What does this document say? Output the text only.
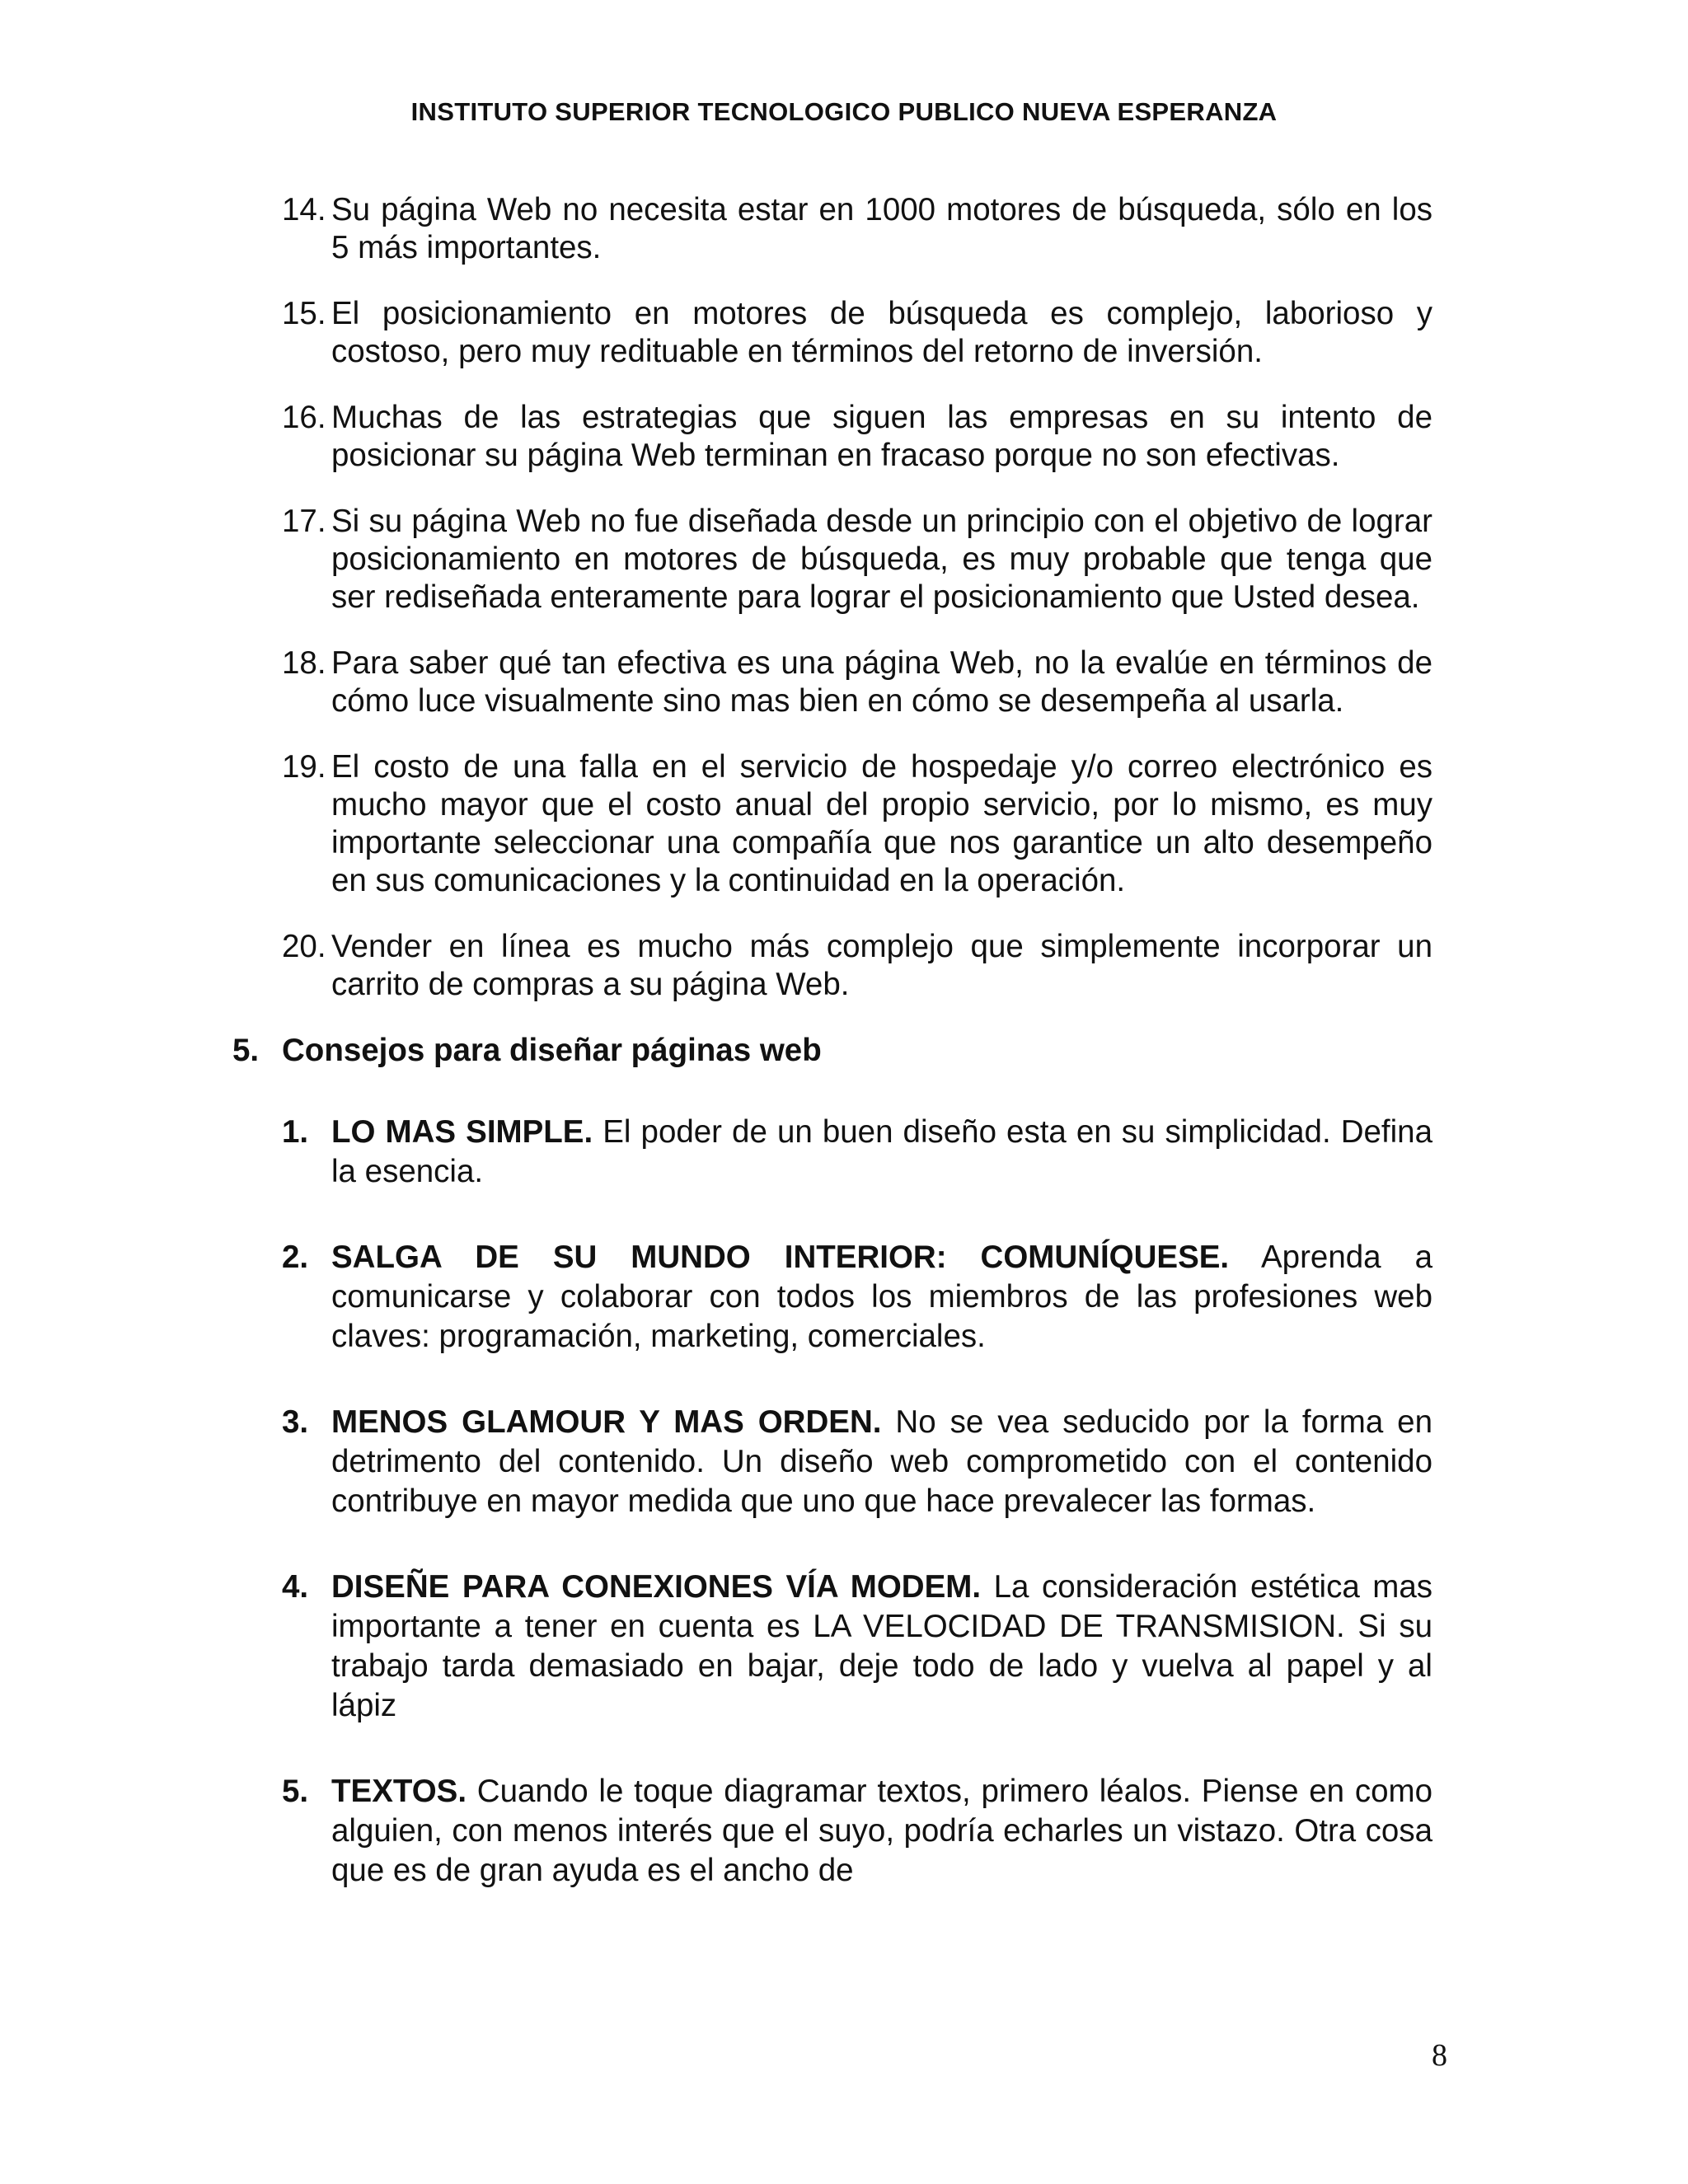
INSTITUTO SUPERIOR TECNOLOGICO PUBLICO NUEVA ESPERANZA
14. Su página Web no necesita estar en 1000 motores de búsqueda, sólo en los 5 más importantes.
15. El posicionamiento en motores de búsqueda es complejo, laborioso y costoso, pero muy redituable en términos del retorno de inversión.
16. Muchas de las estrategias que siguen las empresas en su intento de posicionar su página Web terminan en fracaso porque no son efectivas.
17. Si su página Web no fue diseñada desde un principio con el objetivo de lograr posicionamiento en motores de búsqueda, es muy probable que tenga que ser rediseñada enteramente para lograr el posicionamiento que Usted desea.
18. Para saber qué tan efectiva es una página Web, no la evalúe en términos de cómo luce visualmente sino mas bien en cómo se desempeña al usarla.
19. El costo de una falla en el servicio de hospedaje y/o correo electrónico es mucho mayor que el costo anual del propio servicio, por lo mismo, es muy importante seleccionar una compañía que nos garantice un alto desempeño en sus comunicaciones y la continuidad en la operación.
20. Vender en línea es mucho más complejo que simplemente incorporar un carrito de compras a su página Web.
5. Consejos para diseñar páginas web
1. LO MAS SIMPLE. El poder de un buen diseño esta en su simplicidad. Defina la esencia.
2. SALGA DE SU MUNDO INTERIOR: COMUNÍQUESE. Aprenda a comunicarse y colaborar con todos los miembros de las profesiones web claves: programación, marketing, comerciales.
3. MENOS GLAMOUR Y MAS ORDEN. No se vea seducido por la forma en detrimento del contenido. Un diseño web comprometido con el contenido contribuye en mayor medida que uno que hace prevalecer las formas.
4. DISEÑE PARA CONEXIONES VÍA MODEM. La consideración estética mas importante a tener en cuenta es LA VELOCIDAD DE TRANSMISION. Si su trabajo tarda demasiado en bajar, deje todo de lado y vuelva al papel y al lápiz
5. TEXTOS. Cuando le toque diagramar textos, primero léalos. Piense en como alguien, con menos interés que el suyo, podría echarles un vistazo. Otra cosa que es de gran ayuda es el ancho de
8
